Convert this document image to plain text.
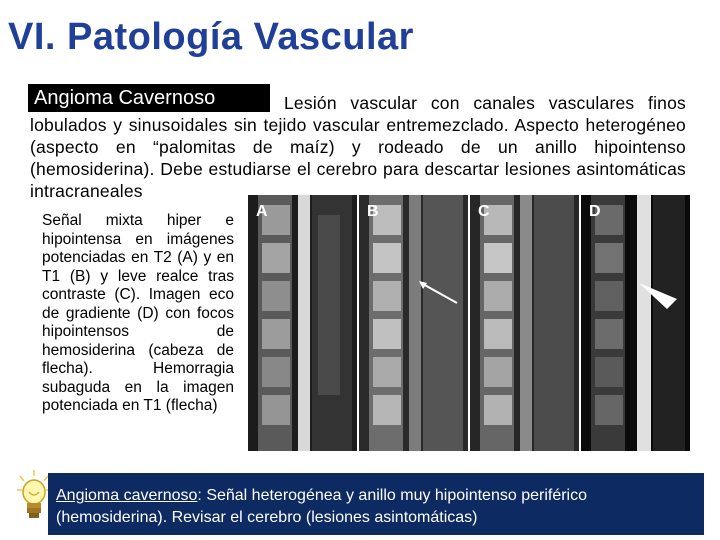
VI. Patología Vascular
Lesión vascular con canales vasculares finos lobulados y sinusoidales sin tejido vascular entremezclado. Aspecto heterogéneo (aspecto en “palomitas de maíz) y rodeado de un anillo hipointenso (hemosiderina). Debe estudiarse el cerebro para descartar lesiones asintomáticas intracraneales
Angioma Cavernoso
Señal mixta hiper e hipointensa en imágenes potenciadas en T2 (A) y en T1 (B) y leve realce tras contraste (C). Imagen eco de gradiente (D) con focos hipointensos de hemosiderina (cabeza de flecha). Hemorragia subaguda en la imagen potenciada en T1 (flecha)
A	B	C	D
Angioma cavernoso: Señal heterogénea y anillo muy hipointenso periférico (hemosiderina). Revisar el cerebro (lesiones asintomáticas)
